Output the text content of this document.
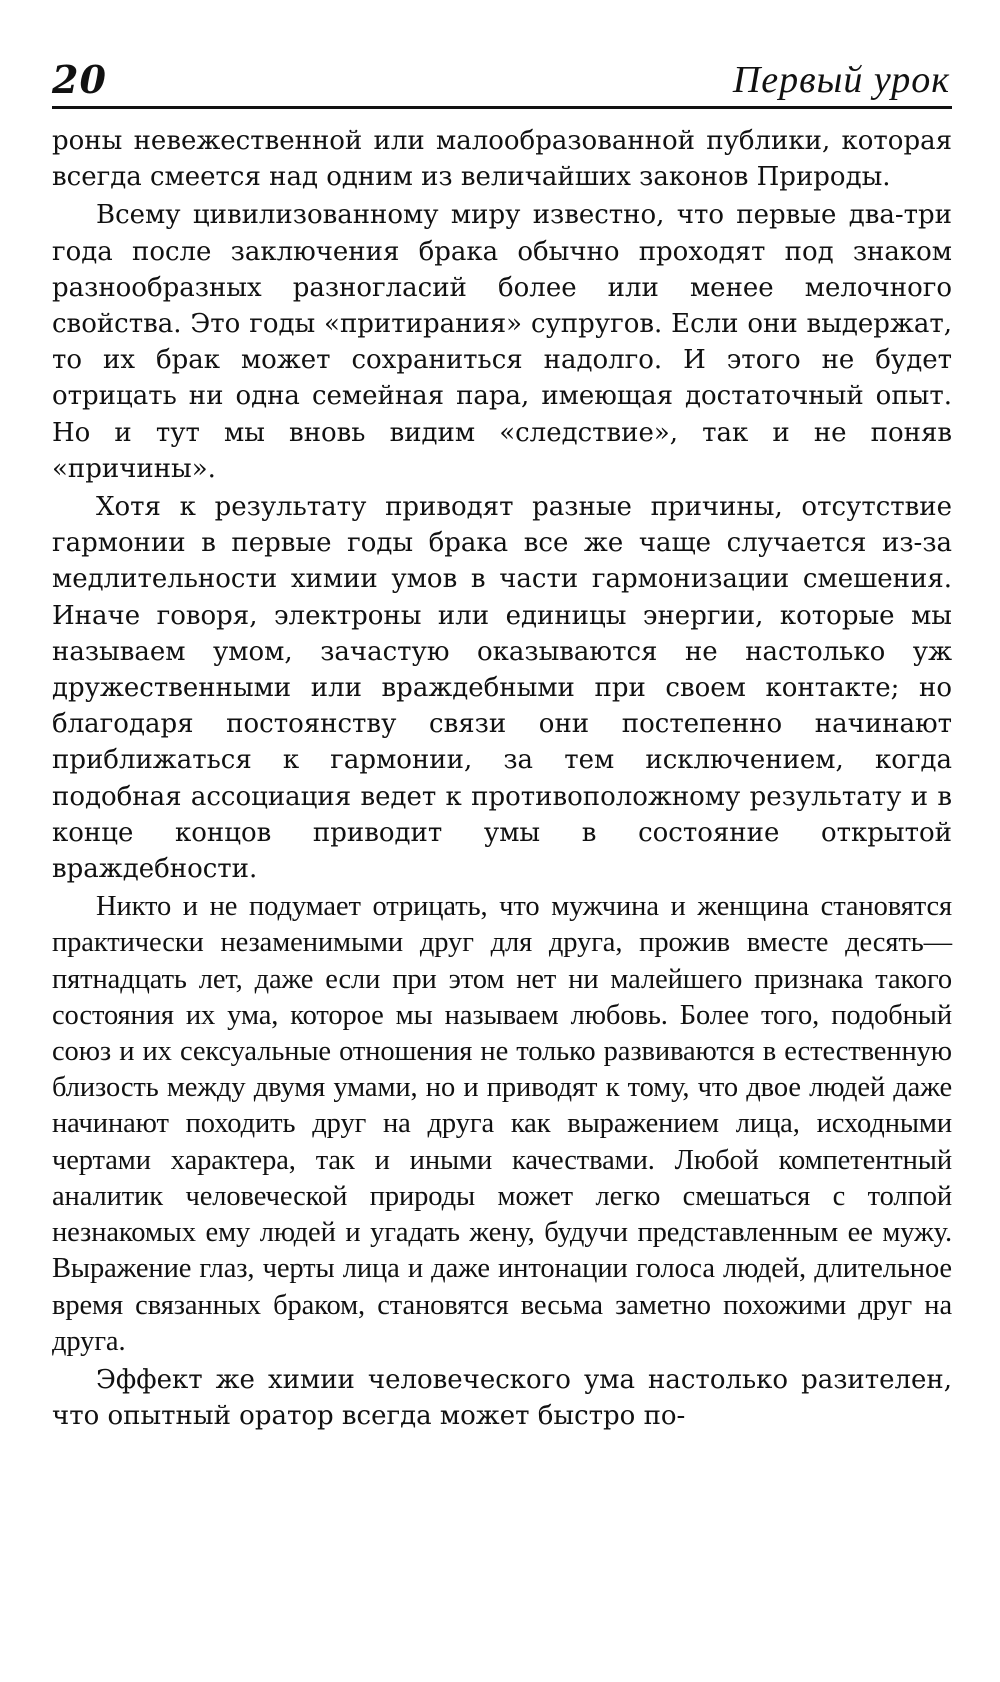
20	Первый урок

роны невежественной или малообразованной публики, которая всегда смеется над одним из величайших законов Природы.

Всему цивилизованному миру известно, что первые два-три года после заключения брака обычно проходят под знаком разнообразных разногласий более или менее мелочного свойства. Это годы «притирания» супругов. Если они выдержат, то их брак может сохраниться надолго. И этого не будет отрицать ни одна семейная пара, имеющая достаточный опыт. Но и тут мы вновь видим «следствие», так и не поняв «причины».

Хотя к результату приводят разные причины, отсутствие гармонии в первые годы брака все же чаще случается из-за медлительности химии умов в части гармонизации смешения. Иначе говоря, электроны или единицы энергии, которые мы называем умом, зачастую оказываются не настолько уж дружественными или враждебными при своем контакте; но благодаря постоянству связи они постепенно начинают приближаться к гармонии, за тем исключением, когда подобная ассоциация ведет к противоположному результату и в конце концов приводит умы в состояние открытой враждебности.

Никто и не подумает отрицать, что мужчина и женщина становятся практически незаменимыми друг для друга, прожив вместе десять—пятнадцать лет, даже если при этом нет ни малейшего признака такого состояния их ума, которое мы называем любовь. Более того, подобный союз и их сексуальные отношения не только развиваются в естественную близость между двумя умами, но и приводят к тому, что двое людей даже начинают походить друг на друга как выражением лица, исходными чертами характера, так и иными качествами. Любой компетентный аналитик человеческой природы может легко смешаться с толпой незнакомых ему людей и угадать жену, будучи представленным ее мужу. Выражение глаз, черты лица и даже интонации голоса людей, длительное время связанных браком, становятся весьма заметно похожими друг на друга.

Эффект же химии человеческого ума настолько разителен, что опытный оратор всегда может быстро по-
